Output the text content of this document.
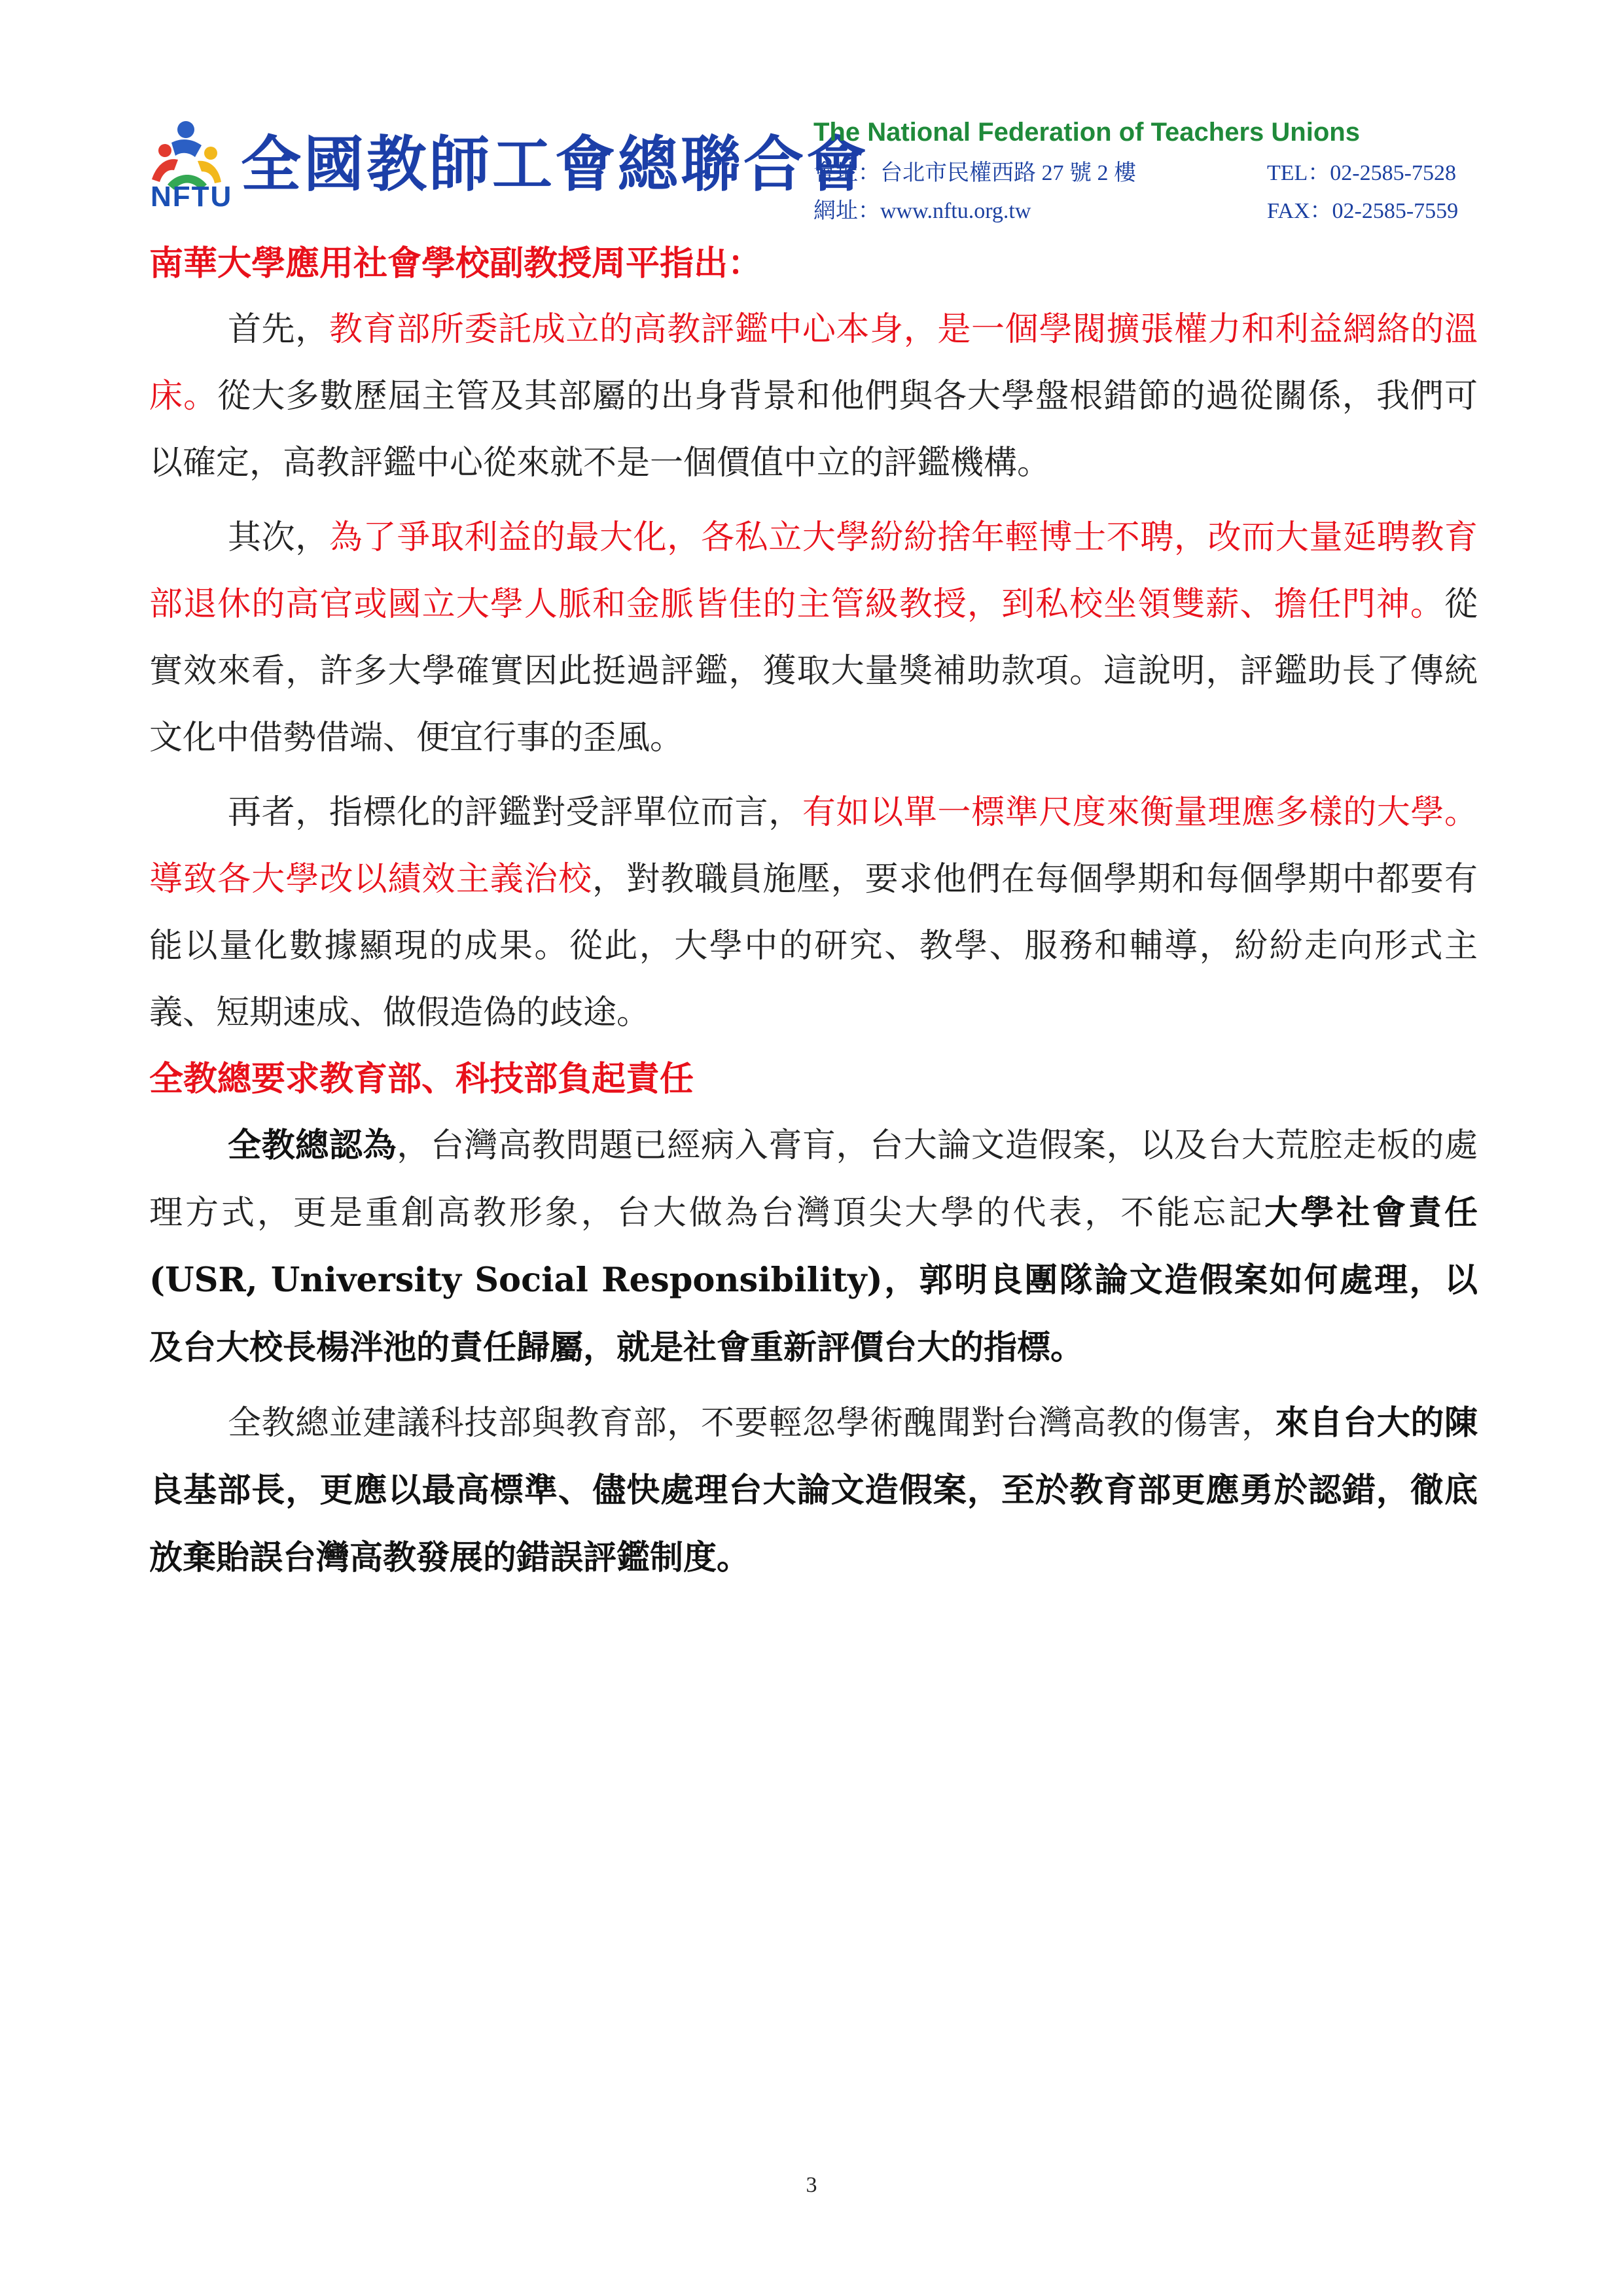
NFTU 全國教師工會總聯合會
The National Federation of Teachers Unions
會址：台北市民權西路 27 號 2 樓	TEL：02-2585-7528
網址：www.nftu.org.tw	FAX：02-2585-7559
南華大學應用社會學校副教授周平指出：

首先，教育部所委託成立的高教評鑑中心本身，是一個學閥擴張權力和利益網絡的溫床。從大多數歷屆主管及其部屬的出身背景和他們與各大學盤根錯節的過從關係，我們可以確定，高教評鑑中心從來就不是一個價值中立的評鑑機構。

其次，為了爭取利益的最大化，各私立大學紛紛捨年輕博士不聘，改而大量延聘教育部退休的高官或國立大學人脈和金脈皆佳的主管級教授，到私校坐領雙薪、擔任門神。從實效來看，許多大學確實因此挺過評鑑，獲取大量獎補助款項。這說明，評鑑助長了傳統文化中借勢借端、便宜行事的歪風。

再者，指標化的評鑑對受評單位而言，有如以單一標準尺度來衡量理應多樣的大學。導致各大學改以績效主義治校，對教職員施壓，要求他們在每個學期和每個學期中都要有能以量化數據顯現的成果。從此，大學中的研究、教學、服務和輔導，紛紛走向形式主義、短期速成、做假造偽的歧途。

全教總要求教育部、科技部負起責任

全教總認為，台灣高教問題已經病入膏肓，台大論文造假案，以及台大荒腔走板的處理方式，更是重創高教形象，台大做為台灣頂尖大學的代表，不能忘記大學社會責任(USR, University Social Responsibility)，郭明良團隊論文造假案如何處理，以及台大校長楊泮池的責任歸屬，就是社會重新評價台大的指標。

全教總並建議科技部與教育部，不要輕忽學術醜聞對台灣高教的傷害，來自台大的陳良基部長，更應以最高標準、儘快處理台大論文造假案，至於教育部更應勇於認錯，徹底放棄貽誤台灣高教發展的錯誤評鑑制度。

3
